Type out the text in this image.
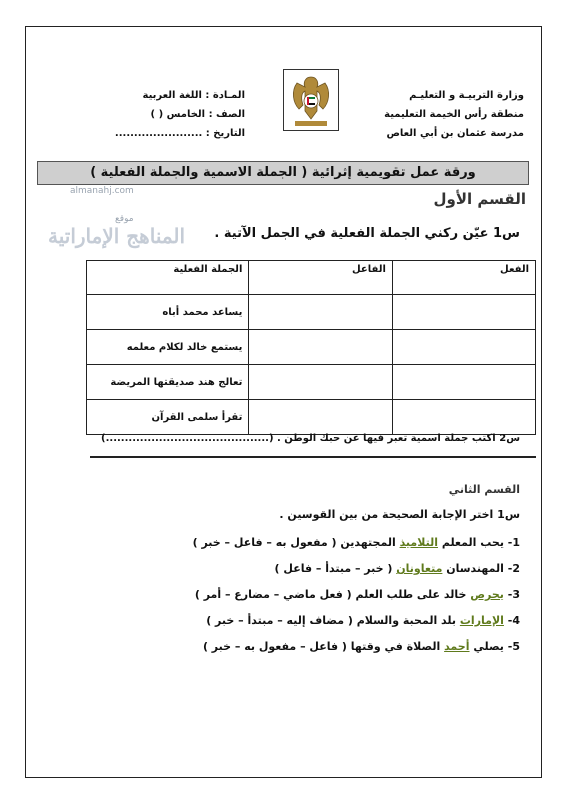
وزارة التربيـة و التعليـم
منطقة رأس الخيمة التعليمية
مدرسة عثمان بن أبي العاص
المـادة : اللغة العربية
الصف : الخامس ( )
التاريخ : .......................
ورقة عمل تقويمية إثرائية ( الجملة الاسمية والجملة الفعلية )
almanahj.com
موقع
المناهج الإماراتية
القسم الأول
س1 عيّن ركني الجملة الفعلية في الجمل الآتية .
الفعل	الفاعل	الجملة الفعلية
		يساعد محمد أباه
		يستمع خالد لكلام معلمه
		تعالج هند صديقتها المريضة
		تقرأ سلمى القرآن
س2 اكتب جملة اسمية تعبر فيها عن حبك الوطن . (...........................................)
القسم الثاني
س1 اختر الإجابة الصحيحة من بين القوسين .
1- يحب المعلم التلاميذ المجتهدين ( مفعول به – فاعل – خبر )
2- المهندسان متعاونان ( خبر – مبتدأ – فاعل )
3- يحرص خالد على طلب العلم ( فعل ماضي – مضارع – أمر )
4- الإمارات بلد المحبة والسلام ( مضاف إليه – مبتدأ – خبر )
5- يصلي أحمد الصلاة في وقتها ( فاعل – مفعول به – خبر )
